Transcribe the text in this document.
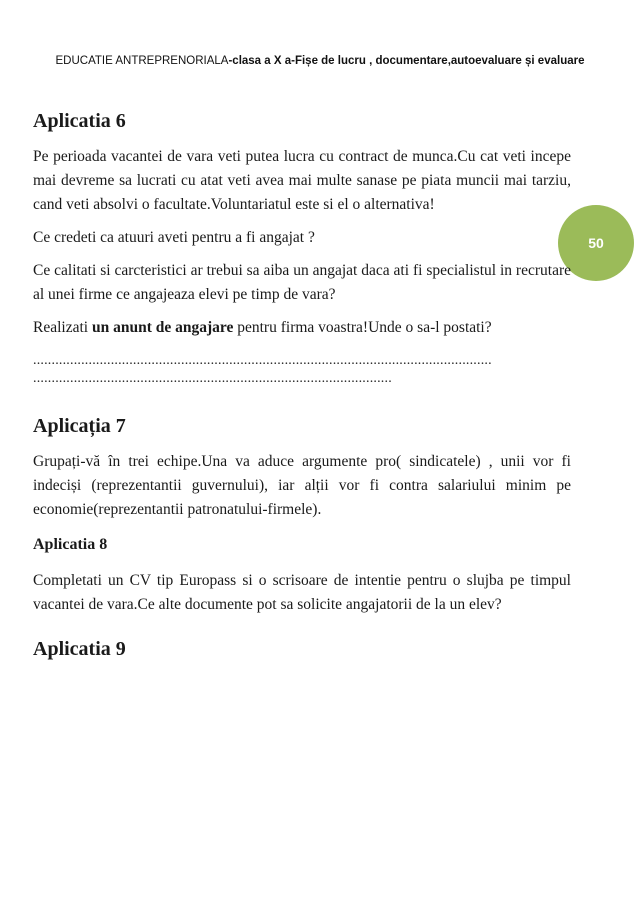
EDUCATIE ANTREPRENORIALA-clasa a X a-Fișe de lucru , documentare,autoevaluare și evaluare
50
Aplicatia 6

Pe perioada vacantei de vara veti putea lucra cu contract de munca.Cu cat veti incepe mai devreme sa lucrati cu atat veti avea mai multe sanase pe piata muncii mai tarziu, cand veti absolvi o facultate.Voluntariatul este si el o alternativa!

Ce credeti ca atuuri aveti pentru a fi angajat ?

Ce calitati si carcteristici ar trebui sa aiba un angajat daca ati fi specialistul in recrutare al unei firme ce angajeaza elevi pe timp de vara?

Realizati un anunt de angajare pentru firma voastra!Unde o sa-l postati?

............................................................................................................................
.................................................................................................
Aplicația 7

Grupați-vă în trei echipe.Una va aduce argumente pro( sindicatele) , unii vor fi indeciși (reprezentantii guvernului), iar alții vor fi contra salariului minim pe economie(reprezentantii patronatului-firmele).

Aplicatia 8

Completati un CV tip Europass si o scrisoare de intentie pentru o slujba pe timpul vacantei de vara.Ce alte documente pot sa solicite angajatorii de la un elev?

Aplicatia 9
